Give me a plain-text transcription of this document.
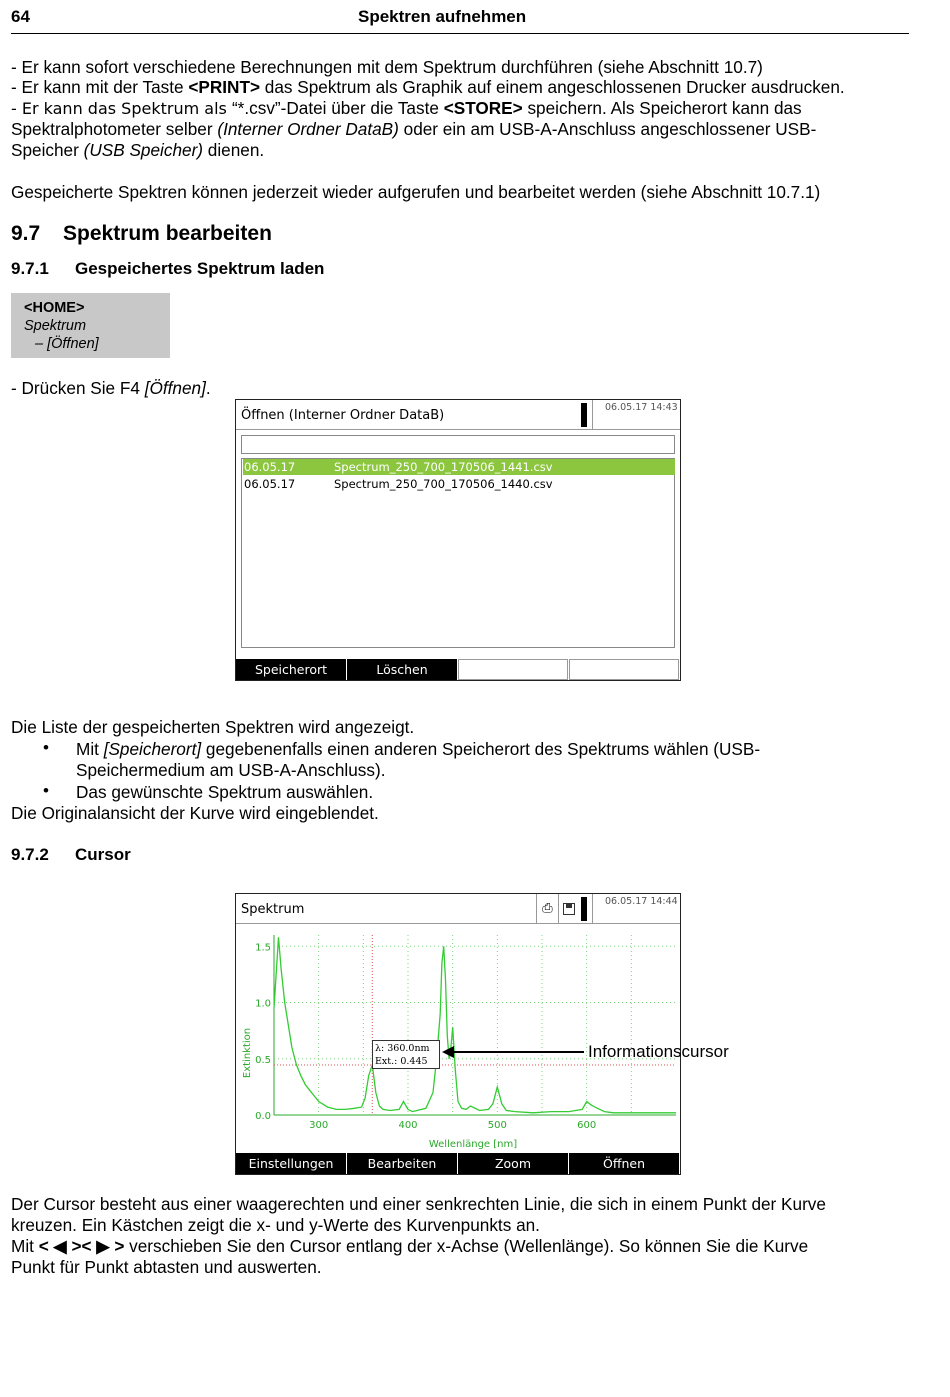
64	Spektren aufnehmen
- Er kann sofort verschiedene Berechnungen mit dem Spektrum durchführen (siehe Abschnitt 10.7)
- Er kann mit der Taste <PRINT> das Spektrum als Graphik auf einem angeschlossenen Drucker ausdrucken.
- Er kann das Spektrum als “*.csv”-Datei über die Taste <STORE> speichern. Als Speicherort kann das
Spektralphotometer selber (Interner Ordner DataB) oder ein am USB-A-Anschluss angeschlossener USB-
Speicher (USB Speicher) dienen.
Gespeicherte Spektren können jederzeit wieder aufgerufen und bearbeitet werden (siehe Abschnitt 10.7.1)
9.7 Spektrum bearbeiten
9.7.1 Gespeichertes Spektrum laden
<HOME>
Spektrum
– [Öffnen]
- Drücken Sie F4 [Öffnen].
Öffnen (Interner Ordner DataB)
06.05.17 14:43
06.05.17	Spectrum_250_700_170506_1441.csv
06.05.17	Spectrum_250_700_170506_1440.csv
Speicherort	Löschen
Die Liste der gespeicherten Spektren wird angezeigt.
• Mit [Speicherort] gegebenenfalls einen anderen Speicherort des Spektrums wählen (USB-
Speichermedium am USB-A-Anschluss).
• Das gewünschte Spektrum auswählen.
Die Originalansicht der Kurve wird eingeblendet.
9.7.2 Cursor
Spektrum	⎙	06.05.17 14:44
300	400	500	600
0.0
0.5
1.0
1.5
Extinktion
Wellenlänge [nm]
λ: 360.0nm
Ext.: 0.445
Einstellungen	Bearbeiten	Zoom	Öffnen
Informationscursor
Der Cursor besteht aus einer waagerechten und einer senkrechten Linie, die sich in einem Punkt der Kurve
kreuzen. Ein Kästchen zeigt die x- und y-Werte des Kurvenpunkts an.
Mit < ◀ >< ▶ > verschieben Sie den Cursor entlang der x-Achse (Wellenlänge). So können Sie die Kurve
Punkt für Punkt abtasten und auswerten.
